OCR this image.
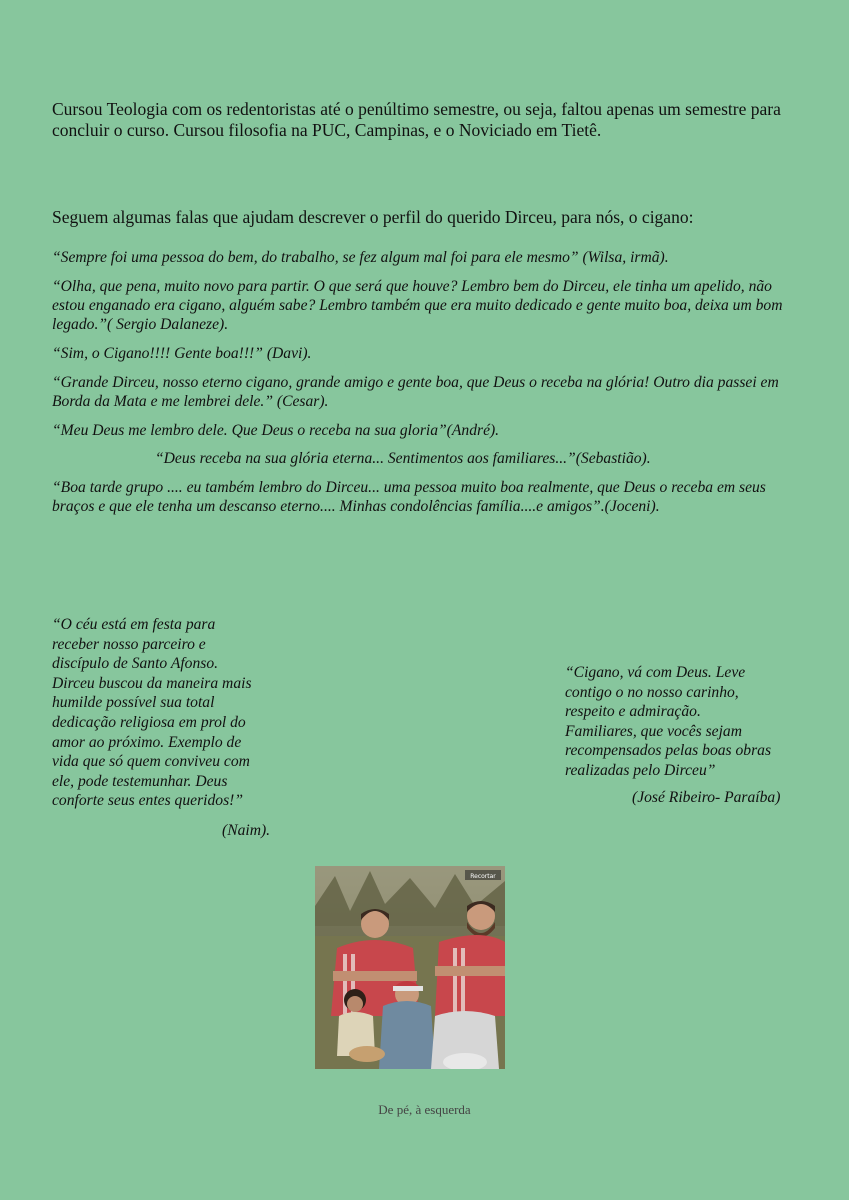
Cursou Teologia com os redentoristas até o penúltimo semestre, ou seja, faltou apenas um semestre para concluir o curso. Cursou filosofia na PUC, Campinas, e o Noviciado em Tietê.

Seguem algumas falas que ajudam descrever o perfil do querido Dirceu, para nós, o cigano:

“Sempre foi uma pessoa do bem, do trabalho, se fez algum mal foi para ele mesmo” (Wilsa, irmã).

“Olha, que pena, muito novo para partir. O que será que houve? Lembro bem do Dirceu, ele tinha um apelido, não estou enganado era cigano, alguém sabe? Lembro também que era muito dedicado e gente muito boa, deixa um bom legado.”( Sergio Dalaneze).

“Sim, o Cigano!!!! Gente boa!!!” (Davi).

“Grande Dirceu, nosso eterno cigano, grande amigo e gente boa, que Deus o receba na glória! Outro dia passei em Borda da Mata e me lembrei dele.” (Cesar).

“Meu Deus me lembro dele. Que Deus o receba na sua gloria”(André).

“Deus receba na sua glória eterna... Sentimentos aos familiares...”(Sebastião).

“Boa tarde grupo .... eu também lembro do Dirceu... uma pessoa muito boa realmente, que Deus o receba em seus braços e que ele tenha um descanso eterno.... Minhas condolências família....e amigos”.(Joceni).

“O céu está em festa para
receber nosso parceiro e
discípulo de Santo Afonso.
Dirceu buscou da maneira mais
humilde possível sua total
dedicação religiosa em prol do
amor ao próximo. Exemplo de
vida que só quem conviveu com
ele, pode testemunhar. Deus
conforte seus entes queridos!”
(Naim).
“Cigano, vá com Deus. Leve
contigo o no nosso carinho,
respeito e admiração.
Familiares, que vocês sejam
recompensados pelas boas obras
realizadas pelo Dirceu”
(José Ribeiro- Paraíba)
Recortar
De pé, à esquerda
